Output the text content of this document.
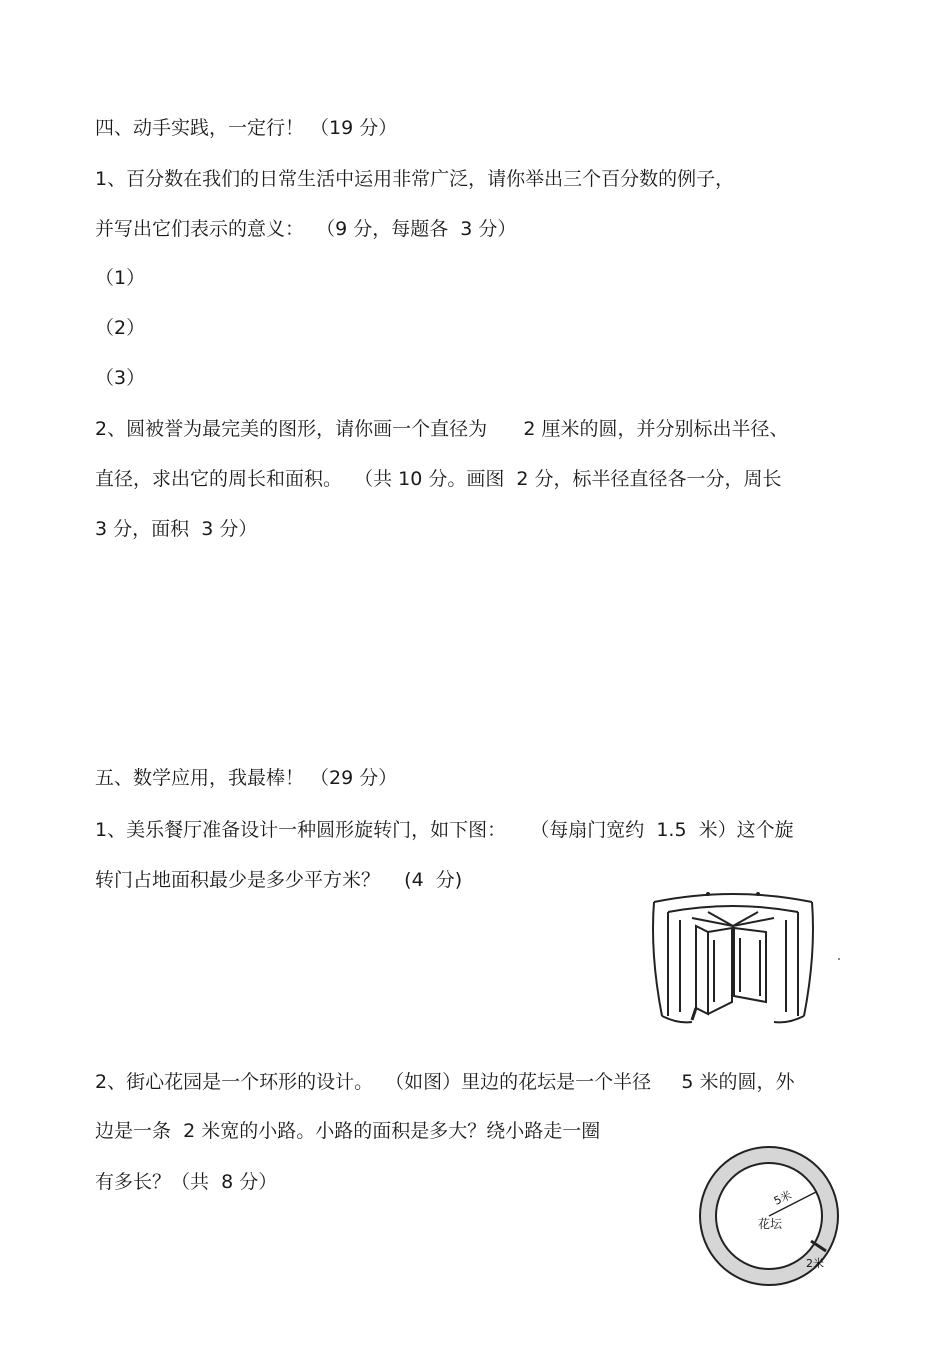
四、动手实践，一定行！ （19 分）
1、百分数在我们的日常生活中运用非常广泛，请你举出三个百分数的例子，
并写出它们表示的意义：  （9 分，每题各  3 分）
（1）
（2）
（3）
2、圆被誉为最完美的图形，请你画一个直径为      2 厘米的圆，并分别标出半径、
直径，求出它的周长和面积。  （共 10 分。画图  2 分，标半径直径各一分，周长
3 分，面积  3 分）
五、数学应用，我最棒！ （29 分）
1、美乐餐厅准备设计一种圆形旋转门，如下图：    （每扇门宽约  1.5  米）这个旋
转门占地面积最少是多少平方米？    (4  分)
2、街心花园是一个环形的设计。  （如图）里边的花坛是一个半径     5 米的圆，外
边是一条  2 米宽的小路。小路的面积是多大？绕小路走一圈
有多长？（共  8 分）
5米
花坛
2米
